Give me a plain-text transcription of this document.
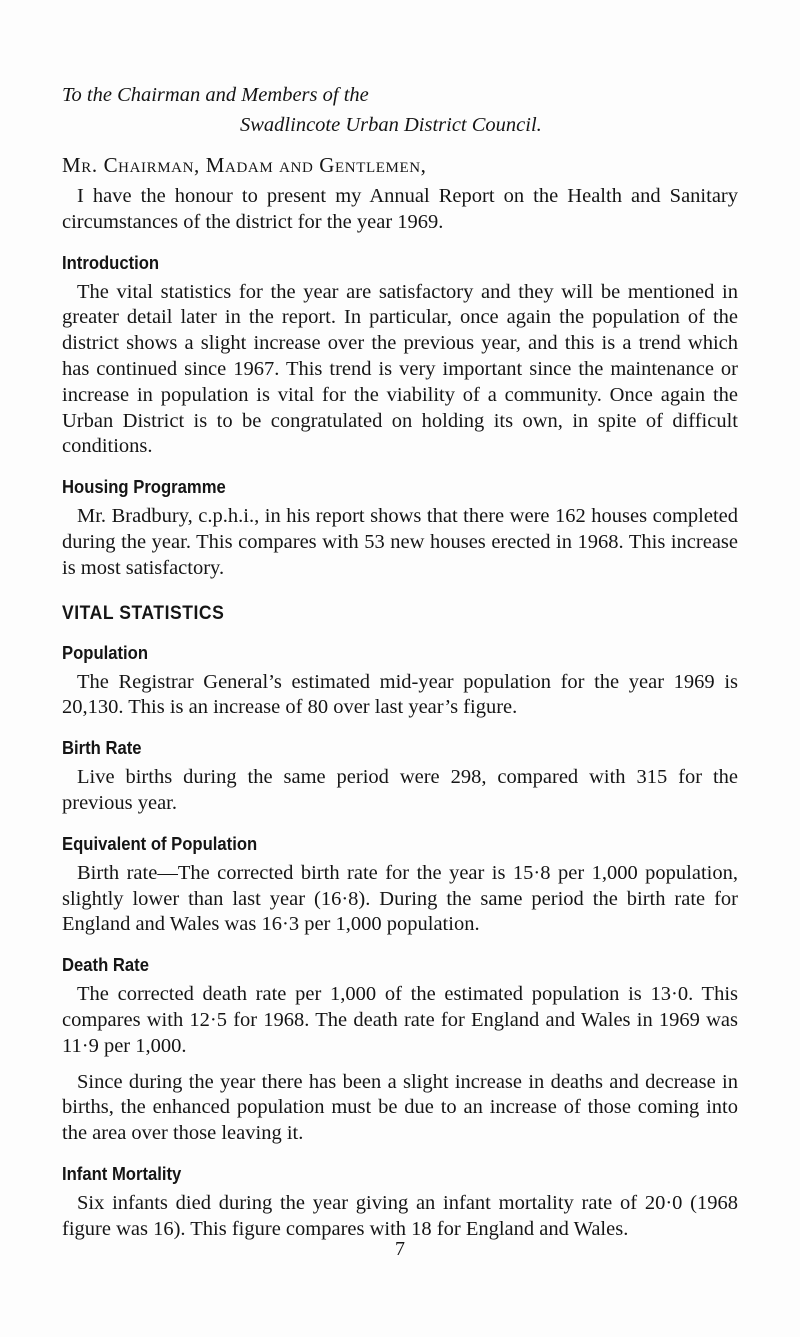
To the Chairman and Members of the
Swadlincote Urban District Council.
Mr. Chairman, Madam and Gentlemen,

I have the honour to present my Annual Report on the Health and Sanitary circumstances of the district for the year 1969.

Introduction

The vital statistics for the year are satisfactory and they will be mentioned in greater detail later in the report. In particular, once again the population of the district shows a slight increase over the previous year, and this is a trend which has continued since 1967. This trend is very important since the maintenance or increase in population is vital for the viability of a community. Once again the Urban District is to be congratulated on holding its own, in spite of difficult conditions.

Housing Programme

Mr. Bradbury, c.p.h.i., in his report shows that there were 162 houses completed during the year. This compares with 53 new houses erected in 1968. This increase is most satisfactory.

VITAL STATISTICS
Population

The Registrar General’s estimated mid-year population for the year 1969 is 20,130. This is an increase of 80 over last year’s figure.

Birth Rate

Live births during the same period were 298, compared with 315 for the previous year.

Equivalent of Population

Birth rate—The corrected birth rate for the year is 15·8 per 1,000 population, slightly lower than last year (16·8). During the same period the birth rate for England and Wales was 16·3 per 1,000 population.

Death Rate

The corrected death rate per 1,000 of the estimated population is 13·0. This compares with 12·5 for 1968. The death rate for England and Wales in 1969 was 11·9 per 1,000.

Since during the year there has been a slight increase in deaths and decrease in births, the enhanced population must be due to an increase of those coming into the area over those leaving it.

Infant Mortality

Six infants died during the year giving an infant mortality rate of 20·0 (1968 figure was 16). This figure compares with 18 for England and Wales.

7
